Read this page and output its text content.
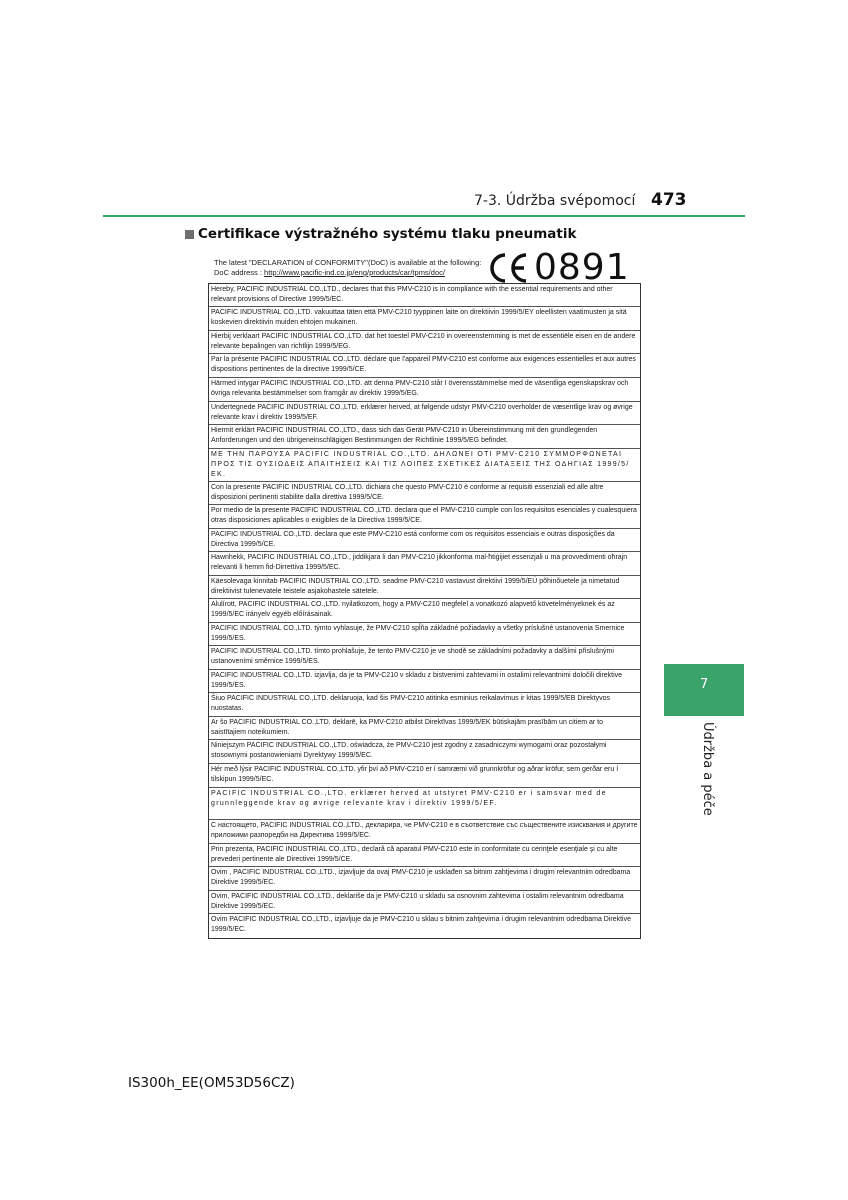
7-3. Údržba svépomocí 473
Certifikace výstražného systému tlaku pneumatik
The latest "DECLARATION of CONFORMITY"(DoC) is available at the following:
DoC address : http://www.pacific-ind.co.jp/eng/products/car/tpms/doc/	0891
Hereby, PACIFIC INDUSTRIAL CO.,LTD., declares that this PMV-C210 is in compliance with the essential requirements and other relevant provisions of Directive 1999/5/EC.
PACIFIC INDUSTRIAL CO.,LTD. vakuuttaa täten että PMV-C210 tyyppinen laite on direktiivin 1999/5/EY oleellisten vaatimusten ja sitä koskevien direktiivin muiden ehtojen mukainen.
Hierbij verklaart PACIFIC INDUSTRIAL CO.,LTD. dat het toestel PMV-C210 in overeenstemming is met de essentiële eisen en de andere relevante bepalingen van richtlijn 1999/5/EG.
Par la présente PACIFIC INDUSTRIAL CO.,LTD. déclare que l'appareil PMV-C210 est conforme aux exigences essentielles et aux autres dispositions pertinentes de la directive 1999/5/CE.
Härmed intygar PACIFIC INDUSTRIAL CO.,LTD. att denna PMV-C210 står I överensstämmelse med de väsentliga egenskapskrav och övriga relevanta bestämmelser som framgår av direktiv 1999/5/EG.
Undertegnede PACIFIC INDUSTRIAL CO.,LTD. erklærer herved, at følgende udstyr PMV-C210 overholder de væsentlige krav og øvrige relevante krav i direktiv 1999/5/EF.
Hiermit erklärt PACIFIC INDUSTRIAL CO.,LTD., dass sich das Gerät PMV-C210 in Übereinstimmung mit den grundlegenden Anforderungen und den übrigeneinschlägigen Bestimmungen der Richtlinie 1999/5/EG befindet.
ΜΕ ΤΗΝ ΠΑΡΟΥΣΑ PACIFIC INDUSTRIAL CO.,LTD. ΔΗΛΩΝΕΙ ΟΤΙ PMV-C210 ΣΥΜΜΟΡΦΩΝΕΤΑΙ ΠΡΟΣ ΤΙΣ ΟΥΣΙΩΔΕΙΣ ΑΠΑΙΤΗΣΕΙΣ ΚΑΙ ΤΙΣ ΛΟΙΠΕΣ ΣΧΕΤΙΚΕΣ ΔΙΑΤΑΞΕΙΣ ΤΗΣ ΟΔΗΓΙΑΣ 1999/5/ΕΚ.
Con la presente PACIFIC INDUSTRIAL CO.,LTD. dichiara che questo PMV-C210 è conforme ai requisiti essenziali ed alle altre disposizioni pertinenti stabilite dalla direttiva 1999/5/CE.
Por medio de la presente PACIFIC INDUSTRIAL CO.,LTD. declara que el PMV-C210 cumple con los requisitos esenciales y cualesquiera otras disposiciones aplicables o exigibles de la Directiva 1999/5/CE.
PACIFIC INDUSTRIAL CO.,LTD. declara que este PMV-C210 está conforme com os requisitos essenciais e outras disposições da Directiva 1999/5/CE.
Hawnhekk, PACIFIC INDUSTRIAL CO.,LTD., jiddikjara li dan PMV-C210 jikkonforma mal-ħtiġijiet essenzjali u ma provvedimenti oħrajn relevanti li hemm fid-Dirrettiva 1999/5/EC.
Käesolevaga kinnitab PACIFIC INDUSTRIAL CO.,LTD. seadme PMV-C210 vastavust direktiivi 1999/5/EÜ põhinõuetele ja nimetatud direktiivist tulenevatele teistele asjakohastele sätetele.
Alulírott, PACIFIC INDUSTRIAL CO.,LTD. nyilatkozom, hogy a PMV-C210 megfelel a vonatkozó alapvető követelményeknek és az 1999/5/EC irányelv egyéb előírásainak.
PACIFIC INDUSTRIAL CO.,LTD. týmto vyhlasuje, že PMV-C210 spĺňa základné požiadavky a všetky príslušné ustanovenia Smernice 1999/5/ES.
PACIFIC INDUSTRIAL CO.,LTD. tímto prohlašuje, že tento PMV-C210 je ve shodě se základními požadavky a dalšími příslušnými ustanoveními směrnice 1999/5/ES.
PACIFIC INDUSTRIAL CO.,LTD. izjavlja, da je ta PMV-C210 v skladu z bistvenimi zahtevami in ostalimi relevantnimi določili direktive 1999/5/ES.
Šiuo PACIFIC INDUSTRIAL CO.,LTD. deklaruoja, kad šis PMV-C210 atitinka esminius reikalavimus ir kitas 1999/5/EB Direktyvos nuostatas.
Ar šo PACIFIC INDUSTRIAL CO.,LTD. deklarē, ka PMV-C210 atbilst Direktīvas 1999/5/EK būtiskajām prasībām un citiem ar to saistītajiem noteikumiem.
Niniejszym PACIFIC INDUSTRIAL CO.,LTD. oświadcza, że PMV-C210 jest zgodny z zasadniczymi wymogami oraz pozostałymi stosownymi postanowieniami Dyrektywy 1999/5/EC.
Hér með lýsir PACIFIC INDUSTRIAL CO.,LTD. yfir því að PMV-C210 er í samræmi við grunnkröfur og aðrar kröfur, sem gerðar eru í tilskipun 1999/5/EC.
PACIFIC INDUSTRIAL CO.,LTD. erklærer herved at utstyret PMV-C210 er i samsvar med de grunnleggende krav og øvrige relevante krav i direktiv 1999/5/EF.
С настоящето, PACIFIC INDUSTRIAL CO.,LTD., декларира, че PMV-C210 е в съответствие със съществените изисквания и другите приложими разпоредби на Директива 1999/5/ЕС.
Prin prezenta, PACIFIC INDUSTRIAL CO.,LTD., declară că aparatul PMV-C210 este in conformitate cu cerinţele esenţiale şi cu alte prevederi pertinente ale Directivei 1999/5/CE.
Ovim , PACIFIC INDUSTRIAL CO.,LTD., izjavljuje da ovaj PMV-C210 je usklađen sa bitnim zahtjevima i drugim relevantnim odredbama Direktive 1999/5/EC.
Ovim, PACIFIC INDUSTRIAL CO.,LTD., deklariše da je PMV-C210 u skladu sa osnovnim zahtevima i ostalim relevantnim odredbama Direktive 1999/5/EC.
Ovim PACIFIC INDUSTRIAL CO.,LTD., izjavljuje da je PMV-C210 u sklau s bitnim zahtjevima i drugim relevantnim odredbama Direktive 1999/5/EC.
7
Údržba a péče
IS300h_EE(OM53D56CZ)
